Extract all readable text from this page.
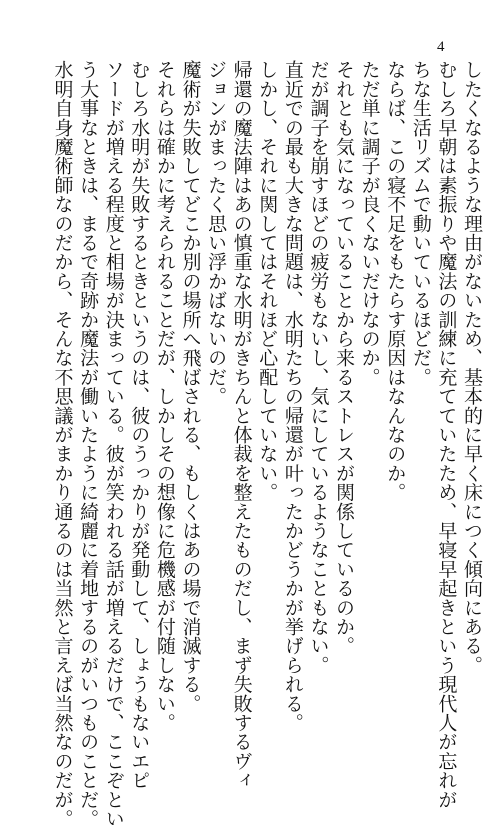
4

したくなるような理由がないため、基本的に早く床につく傾向にある。

むしろ早朝は素振りや魔法の訓練に充てていたため、早寝早起きという現代人が忘れが

ちな生活リズムで動いているほどだ。

ならば、この寝不足をもたらす原因はなんなのか。

ただ単に調子が良くないだけなのか。

それとも気になっていることから来るストレスが関係しているのか。

だが調子を崩すほどの疲労もないし、気にしているようなこともない。

直近での最も大きな問題は、水明たちの帰還が叶ったかどうかが挙げられる。

しかし、それに関してはそれほど心配していない。

帰還の魔法陣はあの慎重な水明がきちんと体裁を整えたものだし、まず失敗するヴィ

ジョンがまったく思い浮かばないのだ。

魔術が失敗してどこか別の場所へ飛ばされる、もしくはあの場で消滅する。

それらは確かに考えられることだが、しかしその想像に危機感が付随しない。

むしろ水明が失敗するときというのは、彼のうっかりが発動して、しょうもないエピ

ソードが増える程度と相場が決まっている。彼が笑われる話が増えるだけで、ここぞとい

う大事なときは、まるで奇跡か魔法が働いたように綺麗に着地するのがいつものことだ。

水明自身魔術師なのだから、そんな不思議がまかり通るのは当然と言えば当然なのだが。
